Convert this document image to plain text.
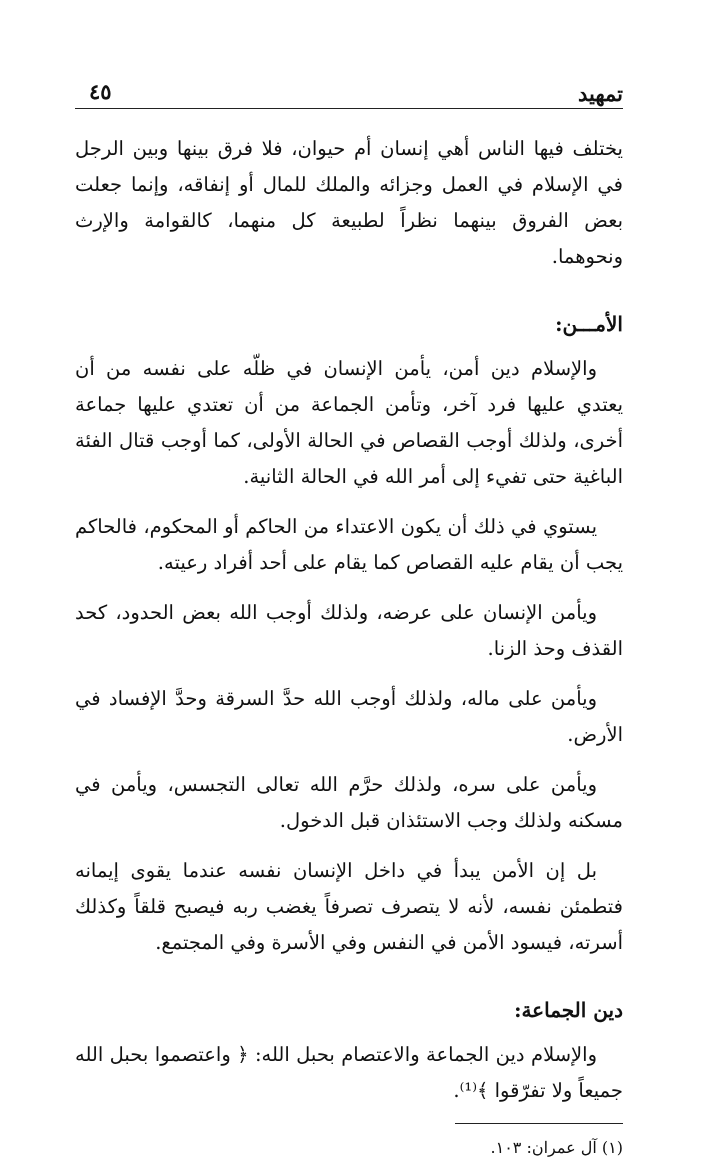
تمهيد
٤٥

يختلف فيها الناس أهي إنسان أم حيوان، فلا فرق بينها وبين الرجل في الإسلام في العمل وجزائه والملك للمال أو إنفاقه، وإنما جعلت بعض الفروق بينهما نظراً لطبيعة كل منهما، كالقوامة والإرث ونحوهما.

الأمـــن:

والإسلام دين أمن، يأمن الإنسان في ظلّه على نفسه من أن يعتدي عليها فرد آخر، وتأمن الجماعة من أن تعتدي عليها جماعة أخرى، ولذلك أوجب القصاص في الحالة الأولى، كما أوجب قتال الفئة الباغية حتى تفيء إلى أمر الله في الحالة الثانية.

يستوي في ذلك أن يكون الاعتداء من الحاكم أو المحكوم، فالحاكم يجب أن يقام عليه القصاص كما يقام على أحد أفراد رعيته.

ويأمن الإنسان على عرضه، ولذلك أوجب الله بعض الحدود، كحد القذف وحذ الزنا.

ويأمن على ماله، ولذلك أوجب الله حدَّ السرقة وحدَّ الإفساد في الأرض.

ويأمن على سره، ولذلك حرَّم الله تعالى التجسس، ويأمن في مسكنه ولذلك وجب الاستئذان قبل الدخول.

بل إن الأمن يبدأ في داخل الإنسان نفسه عندما يقوى إيمانه فتطمئن نفسه، لأنه لا يتصرف تصرفاً يغضب ربه فيصبح قلقاً وكذلك أسرته، فيسود الأمن في النفس وفي الأسرة وفي المجتمع.

دين الجماعة:

والإسلام دين الجماعة والاعتصام بحبل الله: ﴿ واعتصموا بحبل الله جميعاً ولا تفرّقوا ﴾⁽¹⁾.

(١) آل عمران: ١٠٣.
